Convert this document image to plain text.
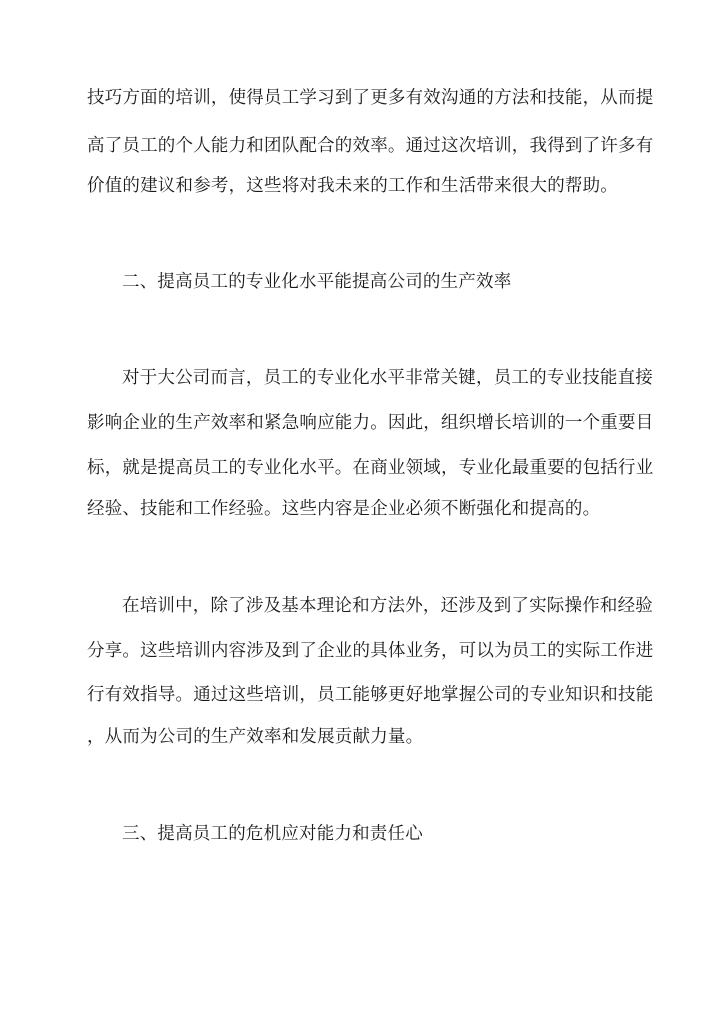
技巧方面的培训，使得员工学习到了更多有效沟通的方法和技能，从而提
高了员工的个人能力和团队配合的效率。通过这次培训，我得到了许多有
价值的建议和参考，这些将对我未来的工作和生活带来很大的帮助。
二、提高员工的专业化水平能提高公司的生产效率
对于大公司而言，员工的专业化水平非常关键，员工的专业技能直接
影响企业的生产效率和紧急响应能力。因此，组织增长培训的一个重要目
标，就是提高员工的专业化水平。在商业领域，专业化最重要的包括行业
经验、技能和工作经验。这些内容是企业必须不断强化和提高的。
在培训中，除了涉及基本理论和方法外，还涉及到了实际操作和经验
分享。这些培训内容涉及到了企业的具体业务，可以为员工的实际工作进
行有效指导。通过这些培训，员工能够更好地掌握公司的专业知识和技能
，从而为公司的生产效率和发展贡献力量。
三、提高员工的危机应对能力和责任心
